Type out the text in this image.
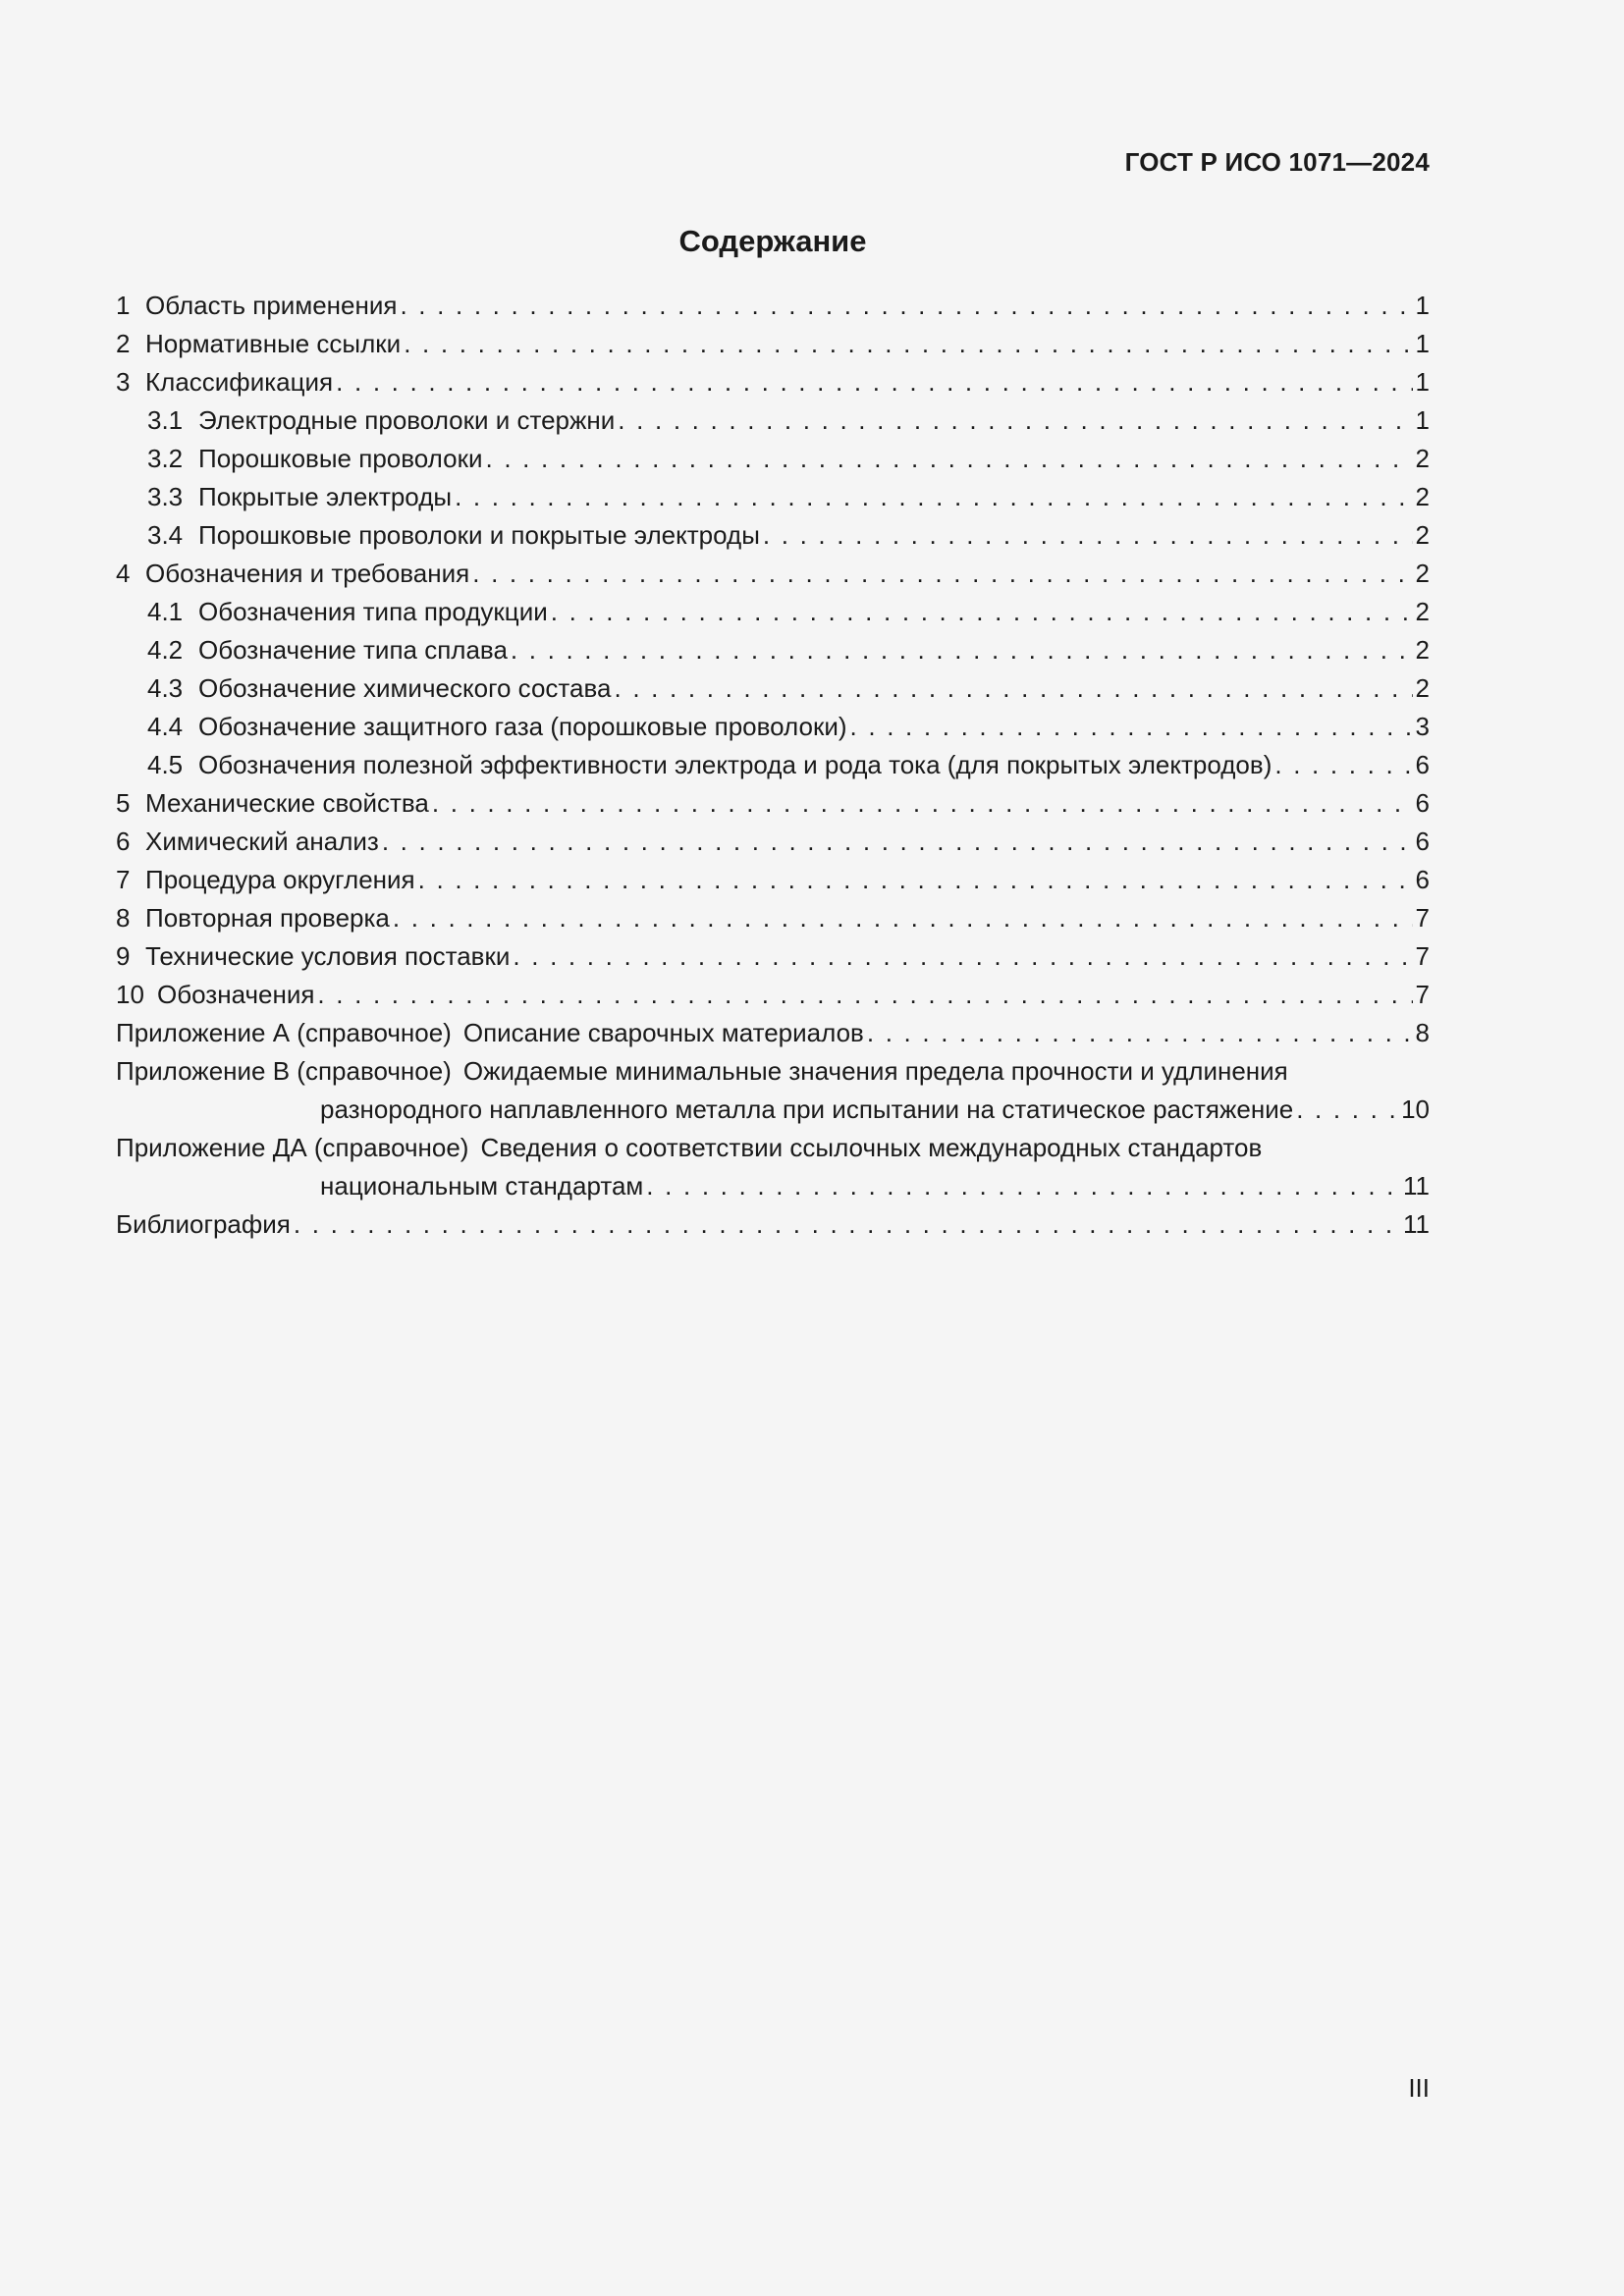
ГОСТ Р ИСО 1071—2024
Содержание
1 Область применения . . .	1
2 Нормативные ссылки . . .	1
3 Классификация . . .	1
3.1 Электродные проволоки и стержни . . .	1
3.2 Порошковые проволоки . . .	2
3.3 Покрытые электроды . . .	2
3.4 Порошковые проволоки и покрытые электроды . . .	2
4 Обозначения и требования . . .	2
4.1 Обозначения типа продукции . . .	2
4.2 Обозначение типа сплава . . .	2
4.3 Обозначение химического состава . . .	2
4.4 Обозначение защитного газа (порошковые проволоки) . . .	3
4.5 Обозначения полезной эффективности электрода и рода тока (для покрытых электродов) . . .	6
5 Механические свойства . . .	6
6 Химический анализ . . .	6
7 Процедура округления . . .	6
8 Повторная проверка . . .	7
9 Технические условия поставки . . .	7
10 Обозначения . . .	7
Приложение А (справочное) Описание сварочных материалов . . .	8
Приложение В (справочное) Ожидаемые минимальные значения предела прочности и удлинения
разнородного наплавленного металла при испытании на статическое растяжение . . .	10
Приложение ДА (справочное) Сведения о соответствии ссылочных международных стандартов
национальным стандартам . . .	11
Библиография . . .	11
III
